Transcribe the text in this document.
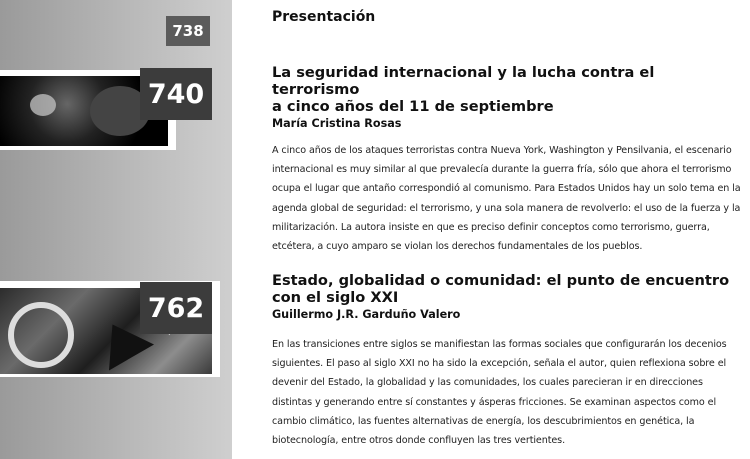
738
740
762
Presentación
La seguridad internacional y la lucha contra el terrorismo
a cinco años del 11 de septiembre

María Cristina Rosas

A cinco años de los ataques terroristas contra Nueva York, Washington y Pensilvania, el escenario internacional es muy similar al que prevalecía durante la guerra fría, sólo que ahora el terrorismo ocupa el lugar que antaño correspondió al comunismo. Para Estados Unidos hay un solo tema en la agenda global de seguridad: el terrorismo, y una sola manera de revolverlo: el uso de la fuerza y la militarización. La autora insiste en que es preciso definir conceptos como terrorismo, guerra, etcétera, a cuyo amparo se violan los derechos fundamentales de los pueblos.

Estado, globalidad o comunidad: el punto de encuentro
con el siglo XXI

Guillermo J.R. Garduño Valero

En las transiciones entre siglos se manifiestan las formas sociales que configurarán los decenios siguientes. El paso al siglo XXI no ha sido la excepción, señala el autor, quien reflexiona sobre el devenir del Estado, la globalidad y las comunidades, los cuales parecieran ir en direcciones distintas y generando entre sí constantes y ásperas fricciones. Se examinan aspectos como el cambio climático, las fuentes alternativas de energía, los descubrimientos en genética, la biotecnología, entre otros donde confluyen las tres vertientes.
